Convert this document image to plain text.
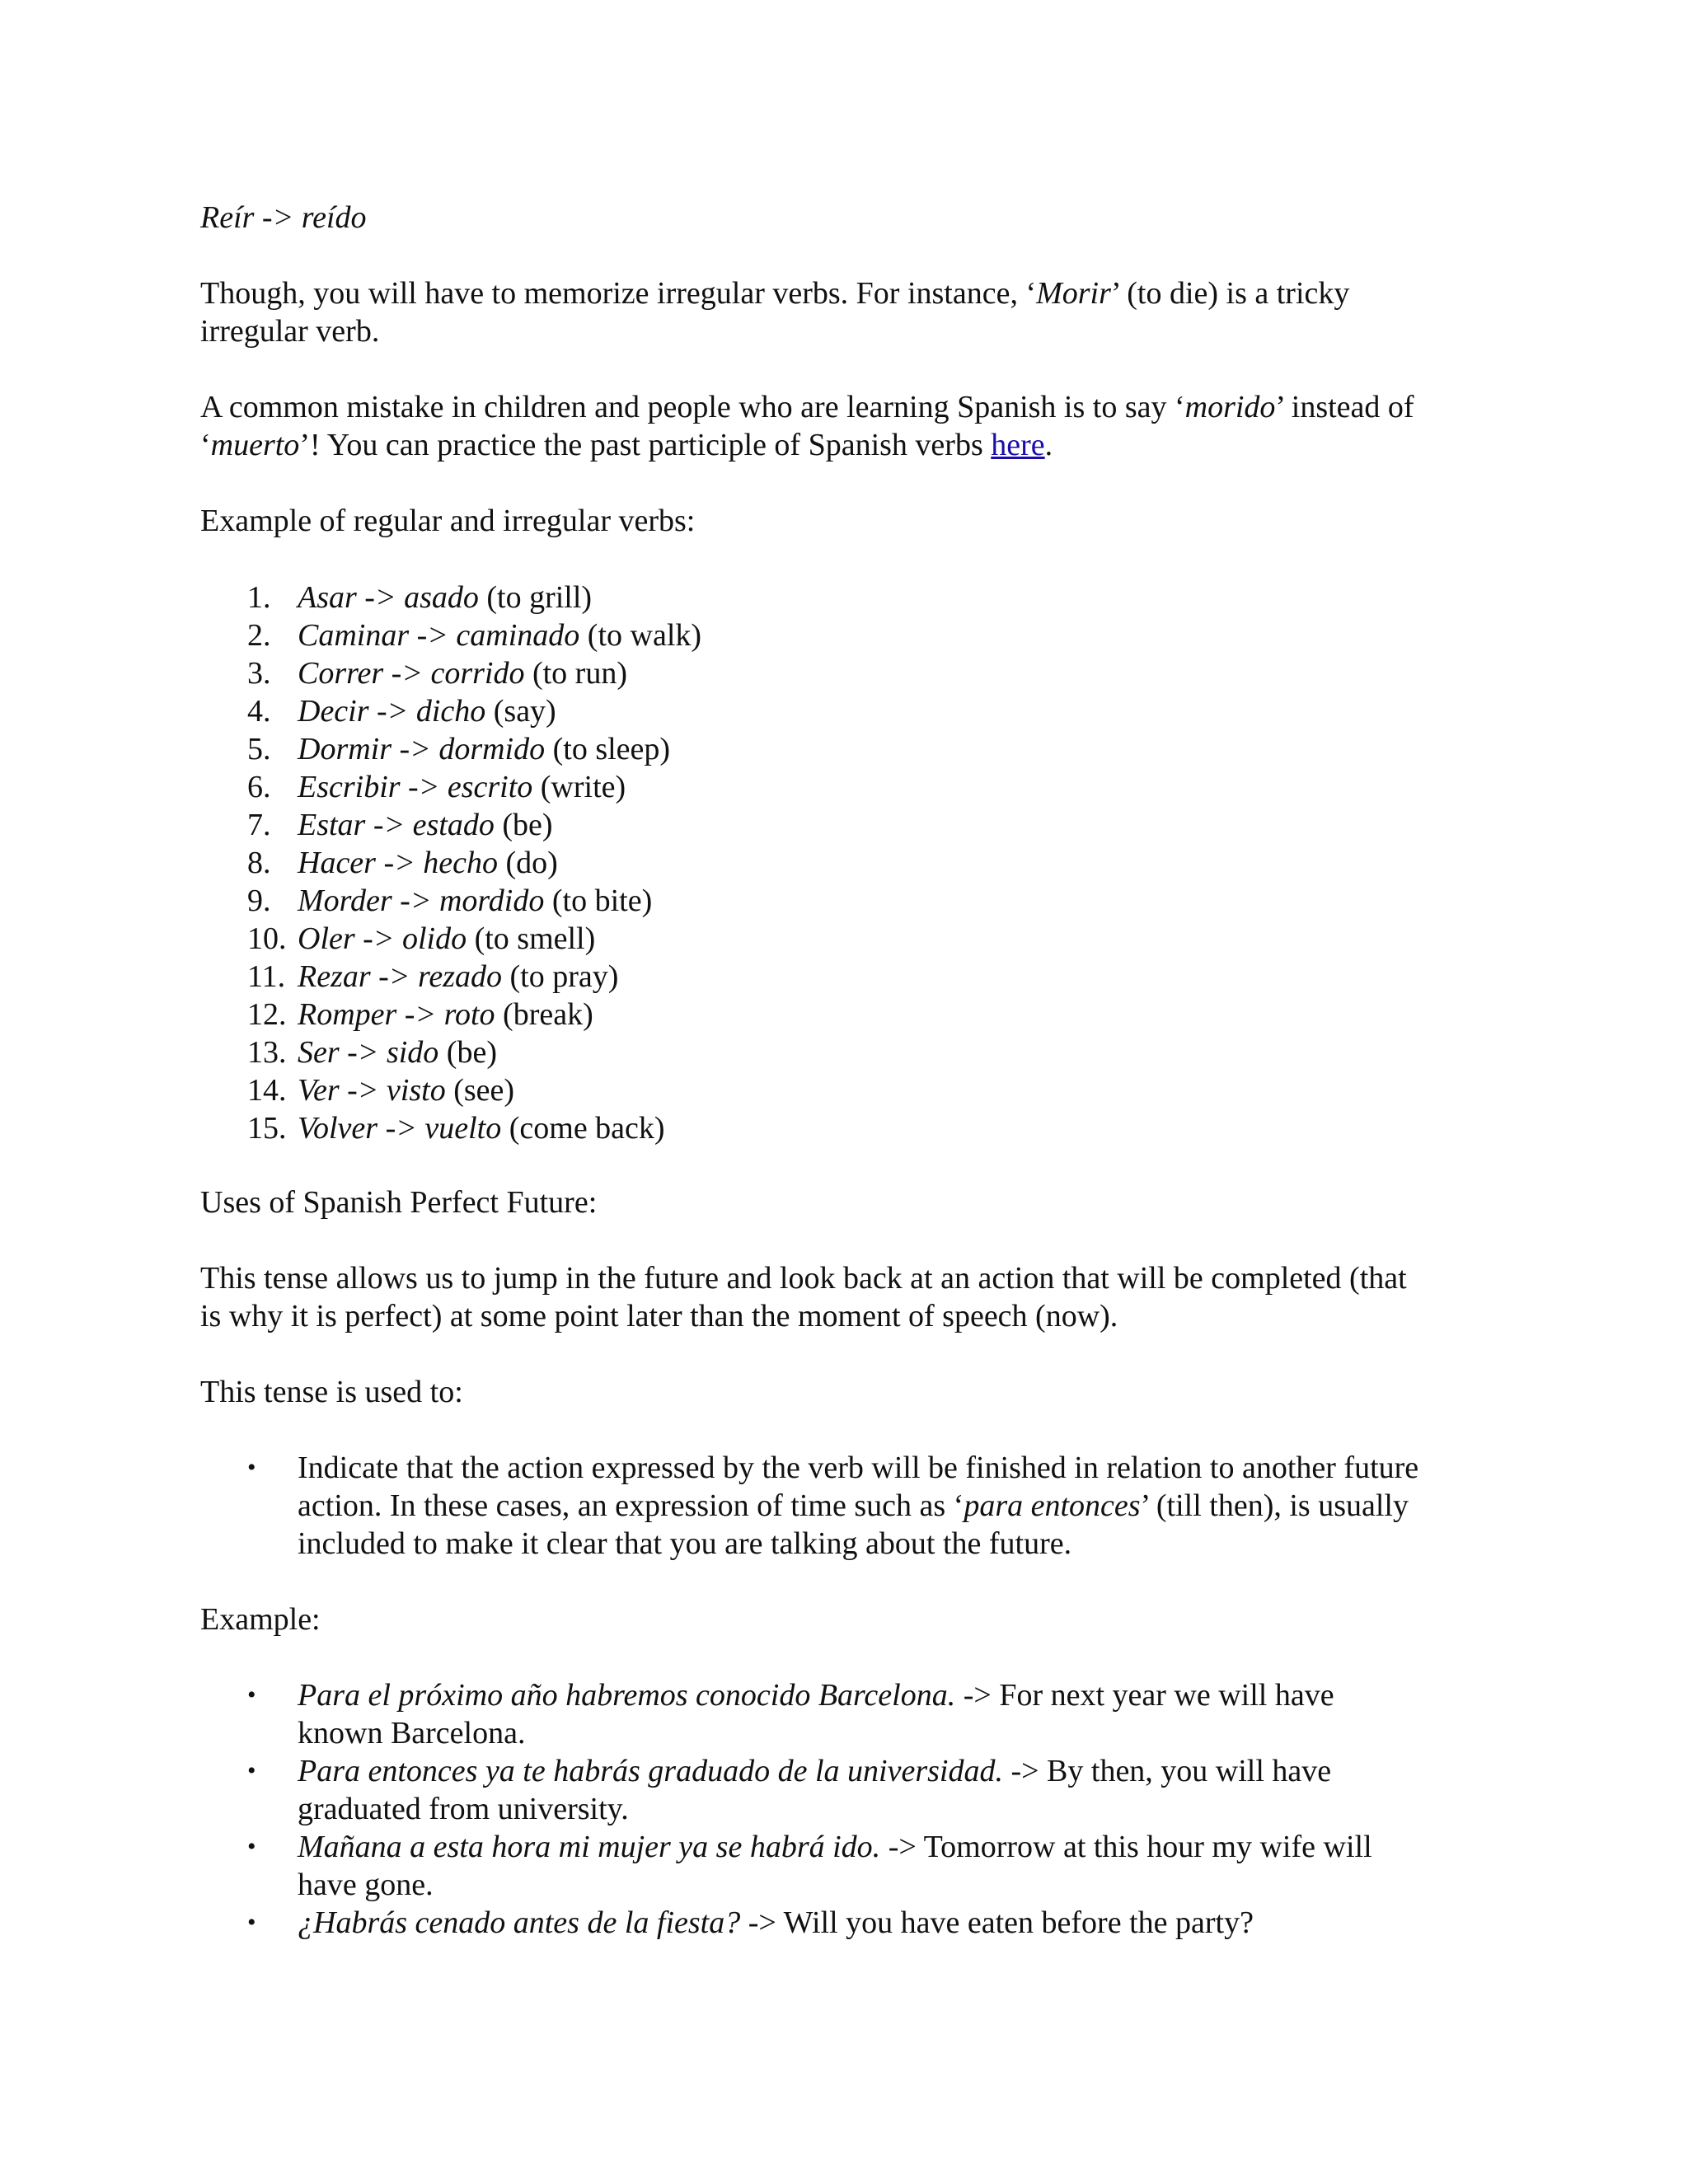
Reír -> reído

Though, you will have to memorize irregular verbs. For instance, ‘Morir’ (to die) is a tricky

irregular verb.

A common mistake in children and people who are learning Spanish is to say ‘morido’ instead of

‘muerto’! You can practice the past participle of Spanish verbs here.

Example of regular and irregular verbs:

1. Asar -> asado (to grill)
2. Caminar -> caminado (to walk)
3. Correr -> corrido (to run)
4. Decir -> dicho (say)
5. Dormir -> dormido (to sleep)
6. Escribir -> escrito (write)
7. Estar -> estado (be)
8. Hacer -> hecho (do)
9. Morder -> mordido (to bite)
10. Oler -> olido (to smell)
11. Rezar -> rezado (to pray)
12. Romper -> roto (break)
13. Ser -> sido (be)
14. Ver -> visto (see)
15. Volver -> vuelto (come back)

Uses of Spanish Perfect Future:

This tense allows us to jump in the future and look back at an action that will be completed (that

is why it is perfect) at some point later than the moment of speech (now).

This tense is used to:

• Indicate that the action expressed by the verb will be finished in relation to another future
action. In these cases, an expression of time such as ‘para entonces’ (till then), is usually
included to make it clear that you are talking about the future.

Example:

• Para el próximo año habremos conocido Barcelona. -> For next year we will have
known Barcelona.
• Para entonces ya te habrás graduado de la universidad. -> By then, you will have
graduated from university.
• Mañana a esta hora mi mujer ya se habrá ido. -> Tomorrow at this hour my wife will
have gone.
• ¿Habrás cenado antes de la fiesta? -> Will you have eaten before the party?
